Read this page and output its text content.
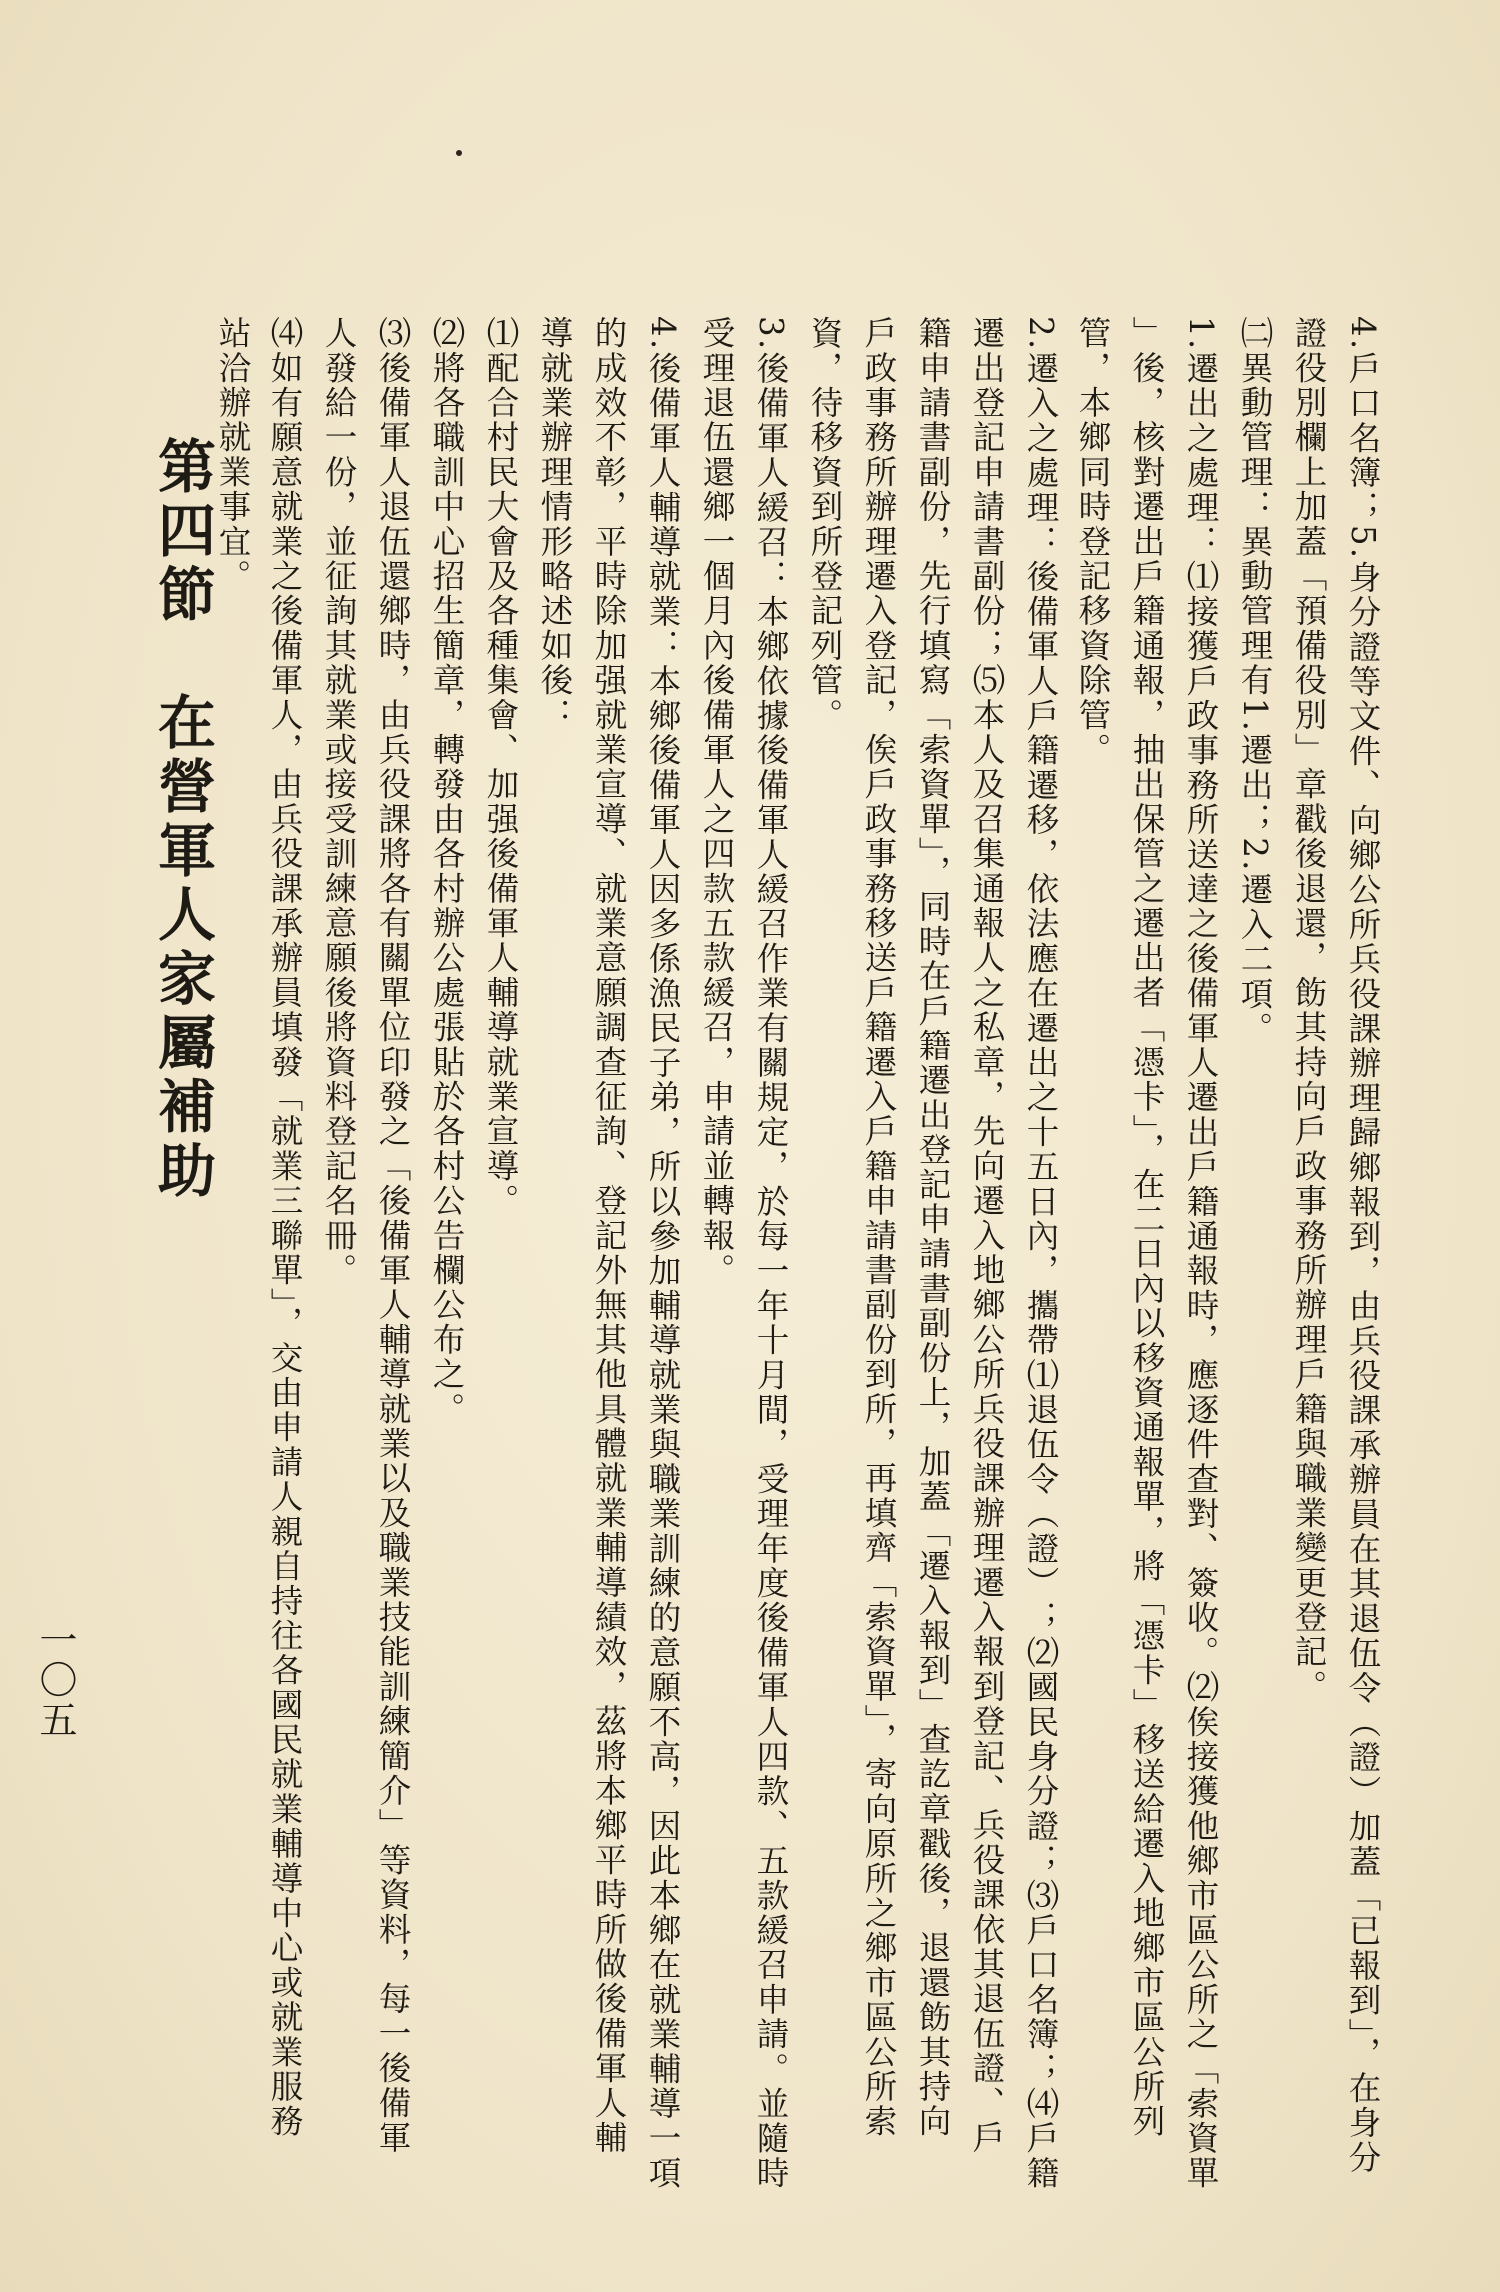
4.戶口名簿；5.身分證等文件、向鄉公所兵役課辦理歸鄉報到，由兵役課承辦員在其退伍令（證）加蓋「已報到」，在身分
證役別欄上加蓋「預備役別」章戳後退還，飭其持向戶政事務所辦理戶籍與職業變更登記。
㈡異動管理：異動管理有1.遷出；2.遷入二項。
1.遷出之處理：⑴接獲戶政事務所送達之後備軍人遷出戶籍通報時，應逐件查對、簽收。⑵俟接獲他鄉市區公所之「索資單
」後，核對遷出戶籍通報，抽出保管之遷出者「憑卡」，在二日內以移資通報單，將「憑卡」移送給遷入地鄉市區公所列
管，本鄉同時登記移資除管。
2.遷入之處理：後備軍人戶籍遷移，依法應在遷出之十五日內，攜帶⑴退伍令（證）；⑵國民身分證；⑶戶口名簿；⑷戶籍
遷出登記申請書副份；⑸本人及召集通報人之私章，先向遷入地鄉公所兵役課辦理遷入報到登記、兵役課依其退伍證、戶
籍申請書副份，先行填寫「索資單」，同時在戶籍遷出登記申請書副份上，加蓋「遷入報到」查訖章戳後，退還飭其持向
戶政事務所辦理遷入登記，俟戶政事務移送戶籍遷入戶籍申請書副份到所，再填齊「索資單」，寄向原所之鄉市區公所索
資，待移資到所登記列管。
3.後備軍人緩召：本鄉依據後備軍人緩召作業有關規定，於每一年十月間，受理年度後備軍人四款、五款緩召申請。並隨時
受理退伍還鄉一個月內後備軍人之四款五款緩召，申請並轉報。
4.後備軍人輔導就業：本鄉後備軍人因多係漁民子弟，所以參加輔導就業與職業訓練的意願不高，因此本鄉在就業輔導一項
的成效不彰，平時除加强就業宣導、就業意願調查征詢、登記外無其他具體就業輔導績效，茲將本鄉平時所做後備軍人輔
導就業辦理情形略述如後：
⑴配合村民大會及各種集會、加强後備軍人輔導就業宣導。
⑵將各職訓中心招生簡章，轉發由各村辦公處張貼於各村公告欄公布之。
⑶後備軍人退伍還鄉時，由兵役課將各有關單位印發之「後備軍人輔導就業以及職業技能訓練簡介」等資料，每一後備軍
人發給一份，並征詢其就業或接受訓練意願後將資料登記名冊。
⑷如有願意就業之後備軍人，由兵役課承辦員填發「就業三聯單」，交由申請人親自持往各國民就業輔導中心或就業服務
站洽辦就業事宜。
第四節　在營軍人家屬補助
一〇五
